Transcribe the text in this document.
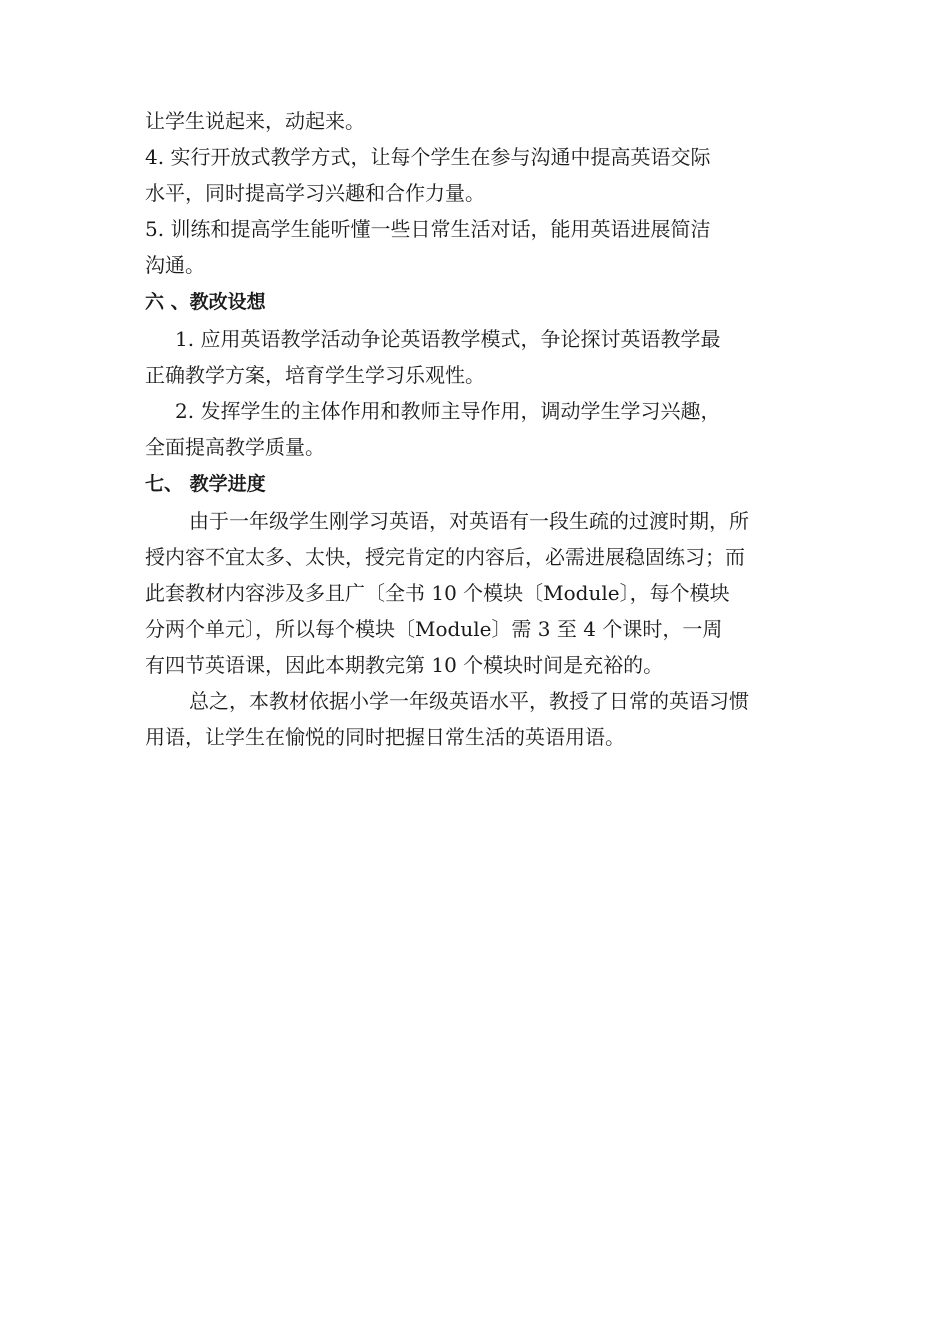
让学生说起来，动起来。
4. 实行开放式教学方式，让每个学生在参与沟通中提高英语交际
水平，同时提高学习兴趣和合作力量。
5. 训练和提高学生能听懂一些日常生活对话，能用英语进展简洁
沟通。
六 、教改设想
1. 应用英语教学活动争论英语教学模式，争论探讨英语教学最
正确教学方案，培育学生学习乐观性。
2. 发挥学生的主体作用和教师主导作用，调动学生学习兴趣，
全面提高教学质量。
七、 教学进度
由于一年级学生刚学习英语，对英语有一段生疏的过渡时期，所
授内容不宜太多、太快，授完肯定的内容后，必需进展稳固练习；而
此套教材内容涉及多且广〔全书 10 个模块〔Module〕，每个模块
分两个单元〕，所以每个模块〔Module〕需 3 至 4 个课时，一周
有四节英语课，因此本期教完第 10 个模块时间是充裕的。
总之，本教材依据小学一年级英语水平，教授了日常的英语习惯
用语，让学生在愉悦的同时把握日常生活的英语用语。
